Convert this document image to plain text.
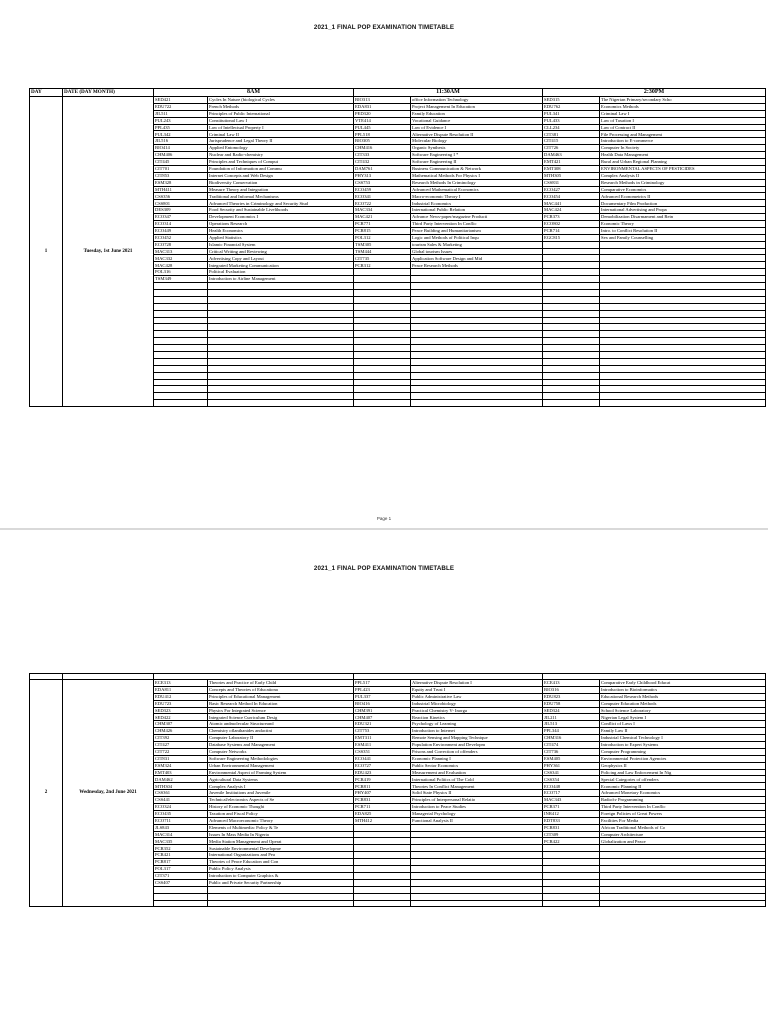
2021_1 FINAL POP EXAMINATION TIMETABLE
DAY	DATE (DAY MONTH)	8AM		11:30AM		2:30PM	
1	Tuesday, 1st June 2021	SED421	Cycles In Nature (biological Cycles	BIO313	office Information Technology	SED315	The Nigerian Primary/secondary Scho
		EDU722	French Methods	EDA831	Project Management In Education	EDU762	Economics Methods
		JIL511	Principles of Public International	PED320	Family Education	PUL341	Criminal Law I
		PUL243	Constitutional Law I	VTE414	Vocational Guidance	PUL433	Law of Taxation I
		PPL435	Law of Intellectual Property I	PUL445	Law of Evidence I	CLL234	Law of Contract II
		PUL342	Criminal Law II	PPL518	Alternative Dispute Resolution II	CIT381	File Processing and Management
		JIL516	Jurisprudence and Legal Theory II	BIO305	Molecular Biology	CIT415	Introduction to E-commerce
		BIO414	Applied Entomology	CHM416	Organic Synthesis	CIT726	Computer In Society
		CHM406	Nuclear and Radio-chemistry	CIT333	Software Engineering I *	DAM463	Health Data Management
		CIT445	Principles and Techniques of Comput	CIT432	Software Engineering II	EMT421	Rural and Urban Regional Planning
		CIT701	Foundation of Information and Commu	DAM761	Business Communication & Network	EMT308	ENVIRONMENTAL ASPECTS OF PESTICIDES
		CIT853	Internet Concepts and Web Design	PHY313	Mathematical Methods For Physics I	MTH305	Complex Analysis II
		ESM328	Biodiversity Conservation	CSS753	Research Methods In Criminology	CSS831	Research Methods in Criminology
		MTH411	Measure Theory and Integration	ECO459	Advanced Mathematical Economics	ECO427	Comparative Economics
		CSS356	Traditional and Informal Mechanisms	ECO341	Macro-economic Theory I	ECO454	Advanced Econometrics II
		CSS801	Advanced Theories in Criminology and Security Stud	ECO722	Industrial Economics	MAC441	Documentary Film Production
		DES309	Food Security and Sustainable Livelihoods	MAC334	International Public Relation	MAC424	International Advertising and Propa
		ECO347	Development Economics I	MAC421	Advance News-paper/magazine Producti	PCR373	Demobilization Disarmament and Rein
		ECO314	Operations Research	PCR771	Third Party Intervention In Conflic	ECO802	Economic Theory
		ECO449	Health Economics	PCR815	Peace Building and Humanitarianism	PCR714	Intro. to Conflict Resolution II
		ECO452	Applied Statistics	POL312	Logic and Methods of Political Inqu	EGC815	Sex and Family Counselling
		ECO728	Islamic Financial System	TSM305	tourism Sales & Marketing		
		MAC313	Critical Writing and Reviewing	TSM444	Global tourism Issues		
		MAC332	Advertising Copy and Layout	CIT735	Application Software Design and Mid		
		MAC428	Integrated Marketing Communication	PCR312	Peace Research Methods		
		POL316	Political Evaluation				
		TSM349	Introduction to Airline Management				

Page 1
2021_1 FINAL POP EXAMINATION TIMETABLE

2	Wednesday, 2nd June 2021	ECE313	Theories and Practice of Early Child	PPL517	Alternative Dispute Resolution I	ECE413	Comparative Early Childhood Educat
		EDA811	Concepts and Theories of Educationa	PPL423	Equity and Trust I	BIO316	Introduction to Bioinformatics
		EDU412	Principles of Educational Management	PUL337	Public Administrative Law	EDU823	Educational Research Methods
		EDU723	Basic Research Method In Education	BIO416	Industrial Microbiology	EDU758	Computer Education Methods
		SED323	Physics For Integrated Science	CHM391	Practical Chemistry V- Inorga	SED324	School Science Laboratory
		SED422	Integrated Science Curriculum Desig	CHM407	Reaction Kinetics	JIL211	Nigerian Legal System I
		CHM307	Atomic andmolecular Structureand	EDU321	Psychology of Learning	JIL513	Conflict of Laws I
		CHM426	Chemistry oflanthanides andactini	CIT753	Introduction to Internet	PPL344	Family Law II
		CIT392	Computer Laboratory II	EMT311	Remote Sensing and Mapping Technique	CHM316	Industrial Chemical Technology I
		CIT427	Database Systems and Management	ESM411	Population Environment and Developm	CIT474	Introduction to Expert Systems
		CIT722	Computer Networks	CSS351	Prisons and Correction of offenders	CIT736	Computer Programming
		CIT831	Software Engineering Methodologies	ECO441	Economic Planning I	ESM405	Environmental Protection Agencies
		ESM324	Urban Environmental Management	ECO727	Public Sector Economics	PHY361	Geophysics II
		EMT403	Environmental Aspect of Farming System	EDU423	Measurement and Evaluation	CSS341	Policing and Law Enforcement In Nig
		DAM462	Agricultural Data Systems	PCR419	International Politics of The Cold	CSS354	Special Categories of offenders
		MTH304	Complex Analysis I	PCR811	Theories In Conflict Management	ECO448	Economic Planning II
		CSS361	Juvenile Institutions and Juvenile	PHY407	Solid State Physics II	ECO717	Advanced Monetary Economics
		CSS441	Technical/electronics Aspects of Se	PCR831	Principles of Interpersonal Relatio	MAC343	Radio/tv Programming
		ECO324	History of Economic Thought	PCR711	Introduction to Peace Studies	PCR371	Third Party Intervention In Conflic
		ECO435	Taxation and Fiscal Policy	EDA825	Managerial Psychology	INR412	Foreign Policies of Great Powers
		ECO711	Advanced Macroeconomic Theory	MTH412	Functional Analysis II	EDT833	Facilities For Media
		JLS843	Elements of Multimedia: Policy & Te			PCR831	African Traditional Methods of Co
		MAC314	Issues In Mass Media In Nigeria			CIT309	Computer Architecture
		MAC335	Media Station Management and Operat			PCR422	Globalization and Peace
		PCR352	Sustainable Environmental Developme				
		PCR421	International Organizations and Pea				
		PCR817	Theories of Peace Education and Con				
		POL317	Public Policy Analysis				
		CIT371	Introduction to Computer Graphics &				
		CSS407	Public and Private Security Partnership				
